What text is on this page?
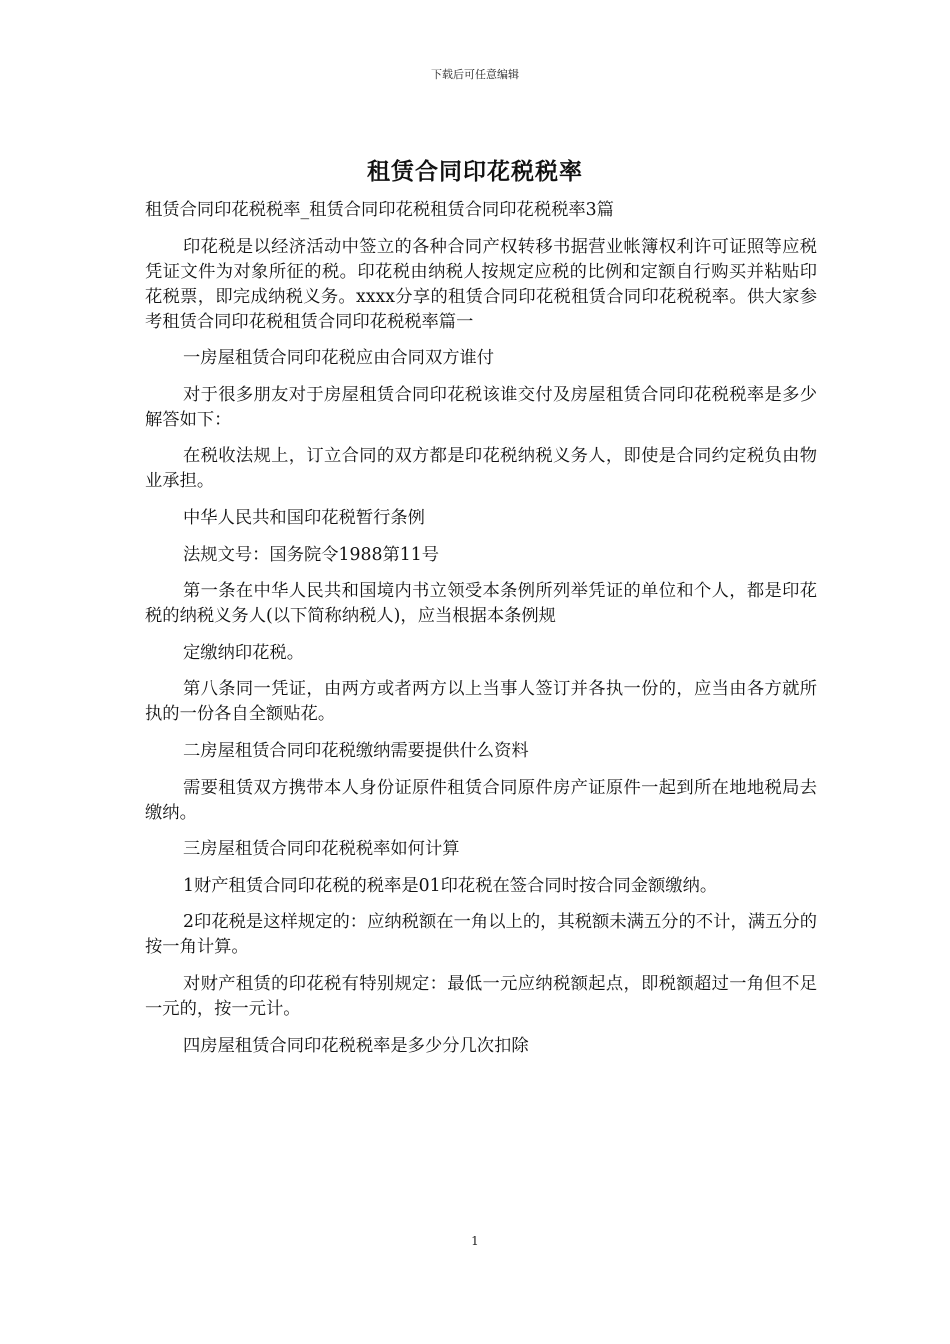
下载后可任意编辑
租赁合同印花税税率

租赁合同印花税税率_租赁合同印花税租赁合同印花税税率3篇

印花税是以经济活动中签立的各种合同产权转移书据营业帐簿权利许可证照等应税凭证文件为对象所征的税。印花税由纳税人按规定应税的比例和定额自行购买并粘贴印花税票，即完成纳税义务。xxxx分享的租赁合同印花税租赁合同印花税税率。供大家参考租赁合同印花税租赁合同印花税税率篇一

一房屋租赁合同印花税应由合同双方谁付

对于很多朋友对于房屋租赁合同印花税该谁交付及房屋租赁合同印花税税率是多少解答如下：

在税收法规上，订立合同的双方都是印花税纳税义务人，即使是合同约定税负由物业承担。

中华人民共和国印花税暂行条例

法规文号：国务院令1988第11号

第一条在中华人民共和国境内书立领受本条例所列举凭证的单位和个人，都是印花税的纳税义务人(以下简称纳税人)，应当根据本条例规

定缴纳印花税。

第八条同一凭证，由两方或者两方以上当事人签订并各执一份的，应当由各方就所执的一份各自全额贴花。

二房屋租赁合同印花税缴纳需要提供什么资料

需要租赁双方携带本人身份证原件租赁合同原件房产证原件一起到所在地地税局去缴纳。

三房屋租赁合同印花税税率如何计算

1财产租赁合同印花税的税率是01印花税在签合同时按合同金额缴纳。

2印花税是这样规定的：应纳税额在一角以上的，其税额未满五分的不计，满五分的按一角计算。

对财产租赁的印花税有特别规定：最低一元应纳税额起点，即税额超过一角但不足一元的，按一元计。

四房屋租赁合同印花税税率是多少分几次扣除

1
